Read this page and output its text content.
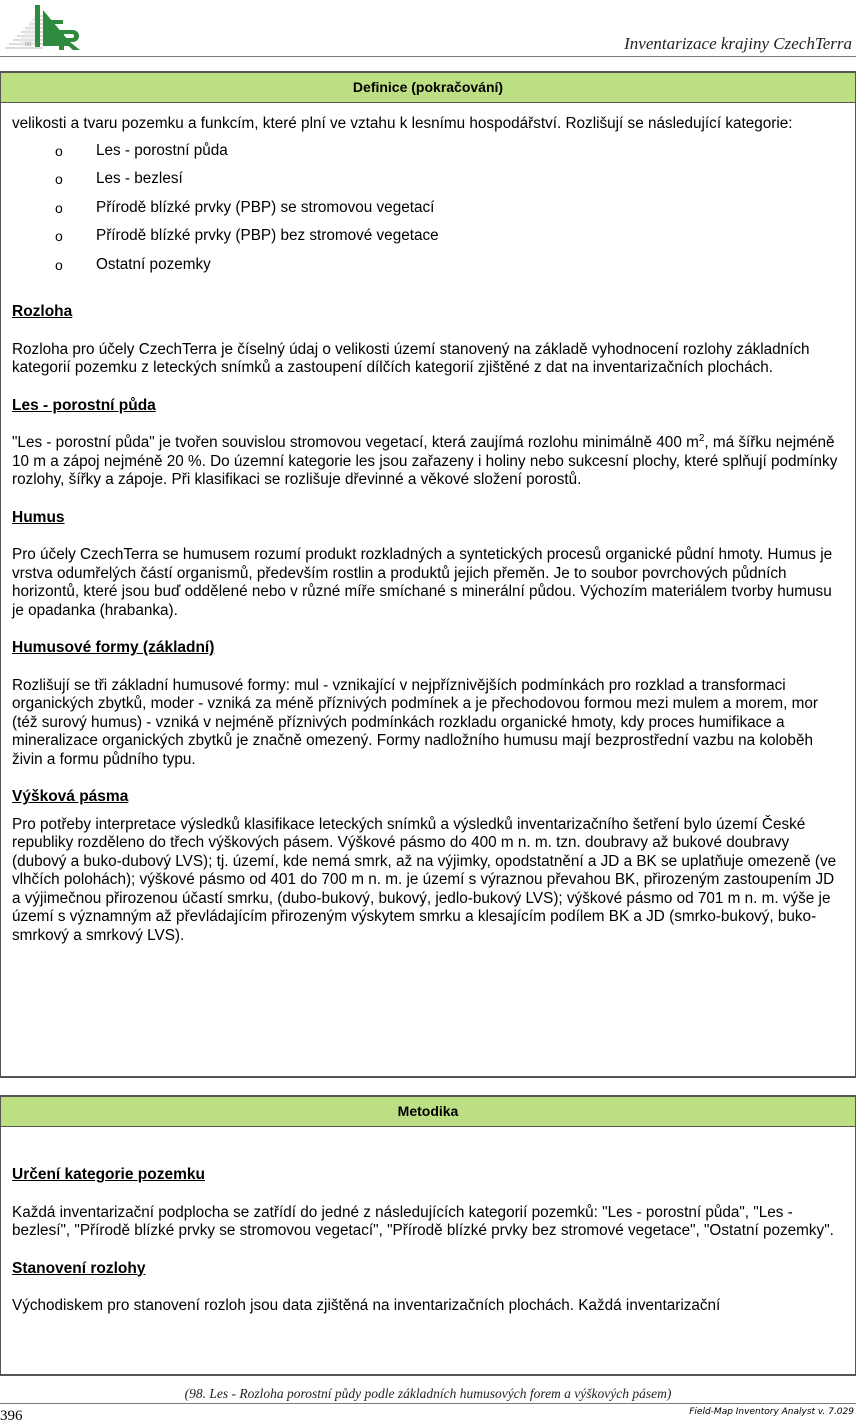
ltd	Inventarizace krajiny CzechTerra
Definice (pokračování)

velikosti a tvaru pozemku a funkcím, které plní ve vztahu k lesnímu hospodářství. Rozlišují se následující kategorie:

o Les - porostní půda
o Les - bezlesí
o Přírodě blízké prvky (PBP) se stromovou vegetací
o Přírodě blízké prvky (PBP) bez stromové vegetace
o Ostatní pozemky

Rozloha

Rozloha pro účely CzechTerra je číselný údaj o velikosti území stanovený na základě vyhodnocení rozlohy základních kategorií pozemku z leteckých snímků a zastoupení dílčích kategorií zjištěné z dat na inventarizačních plochách.

Les - porostní půda

"Les - porostní půda" je tvořen souvislou stromovou vegetací, která zaujímá rozlohu minimálně 400 $m^2$, má šířku nejméně 10 m a zápoj nejméně 20 %. Do územní kategorie les jsou zařazeny i holiny nebo sukcesní plochy, které splňují podmínky rozlohy, šířky a zápoje. Při klasifikaci se rozlišuje dřevinné a věkové složení porostů.

Humus

Pro účely CzechTerra se humusem rozumí produkt rozkladných a syntetických procesů organické půdní hmoty. Humus je vrstva odumřelých částí organismů, především rostlin a produktů jejich přeměn. Je to soubor povrchových půdních horizontů, které jsou buď oddělené nebo v různé míře smíchané s minerální půdou. Výchozím materiálem tvorby humusu je opadanka (hrabanka).

Humusové formy (základní)

Rozlišují se tři základní humusové formy: mul - vznikající v nejpříznivějších podmínkách pro rozklad a transformaci organických zbytků, moder - vzniká za méně příznivých podmínek a je přechodovou formou mezi mulem a morem, mor (též surový humus) - vzniká v nejméně příznivých podmínkách rozkladu organické hmoty, kdy proces humifikace a mineralizace organických zbytků je značně omezený. Formy nadložního humusu mají bezprostřední vazbu na koloběh živin a formu půdního typu.

Výšková pásma

Pro potřeby interpretace výsledků klasifikace leteckých snímků a výsledků inventarizačního šetření bylo území České republiky rozděleno do třech výškových pásem. Výškové pásmo do 400 m n. m. tzn. doubravy až bukové doubravy (dubový a buko-dubový LVS); tj. území, kde nemá smrk, až na výjimky, opodstatnění a JD a BK se uplatňuje omezeně (ve vlhčích polohách); výškové pásmo od 401 do 700 m n. m. je území s výraznou převahou BK, přirozeným zastoupením JD a výjimečnou přirozenou účastí smrku, (dubo-bukový, bukový, jedlo-bukový LVS); výškové pásmo od 701 m n. m. výše je území s významným až převládajícím přirozeným výskytem smrku a klesajícím podílem BK a JD (smrko-bukový, buko-smrkový a smrkový LVS).

Metodika

Určení kategorie pozemku

Každá inventarizační podplocha se zatřídí do jedné z následujících kategorií pozemků: "Les - porostní půda", "Les - bezlesí", "Přírodě blízké prvky se stromovou vegetací", "Přírodě blízké prvky bez stromové vegetace", "Ostatní pozemky".

Stanovení rozlohy

Východiskem pro stanovení rozloh jsou data zjištěná na inventarizačních plochách. Každá inventarizační

(98. Les - Rozloha porostní půdy podle základních humusových forem a výškových pásem)
396	Field-Map Inventory Analyst v. 7.029
